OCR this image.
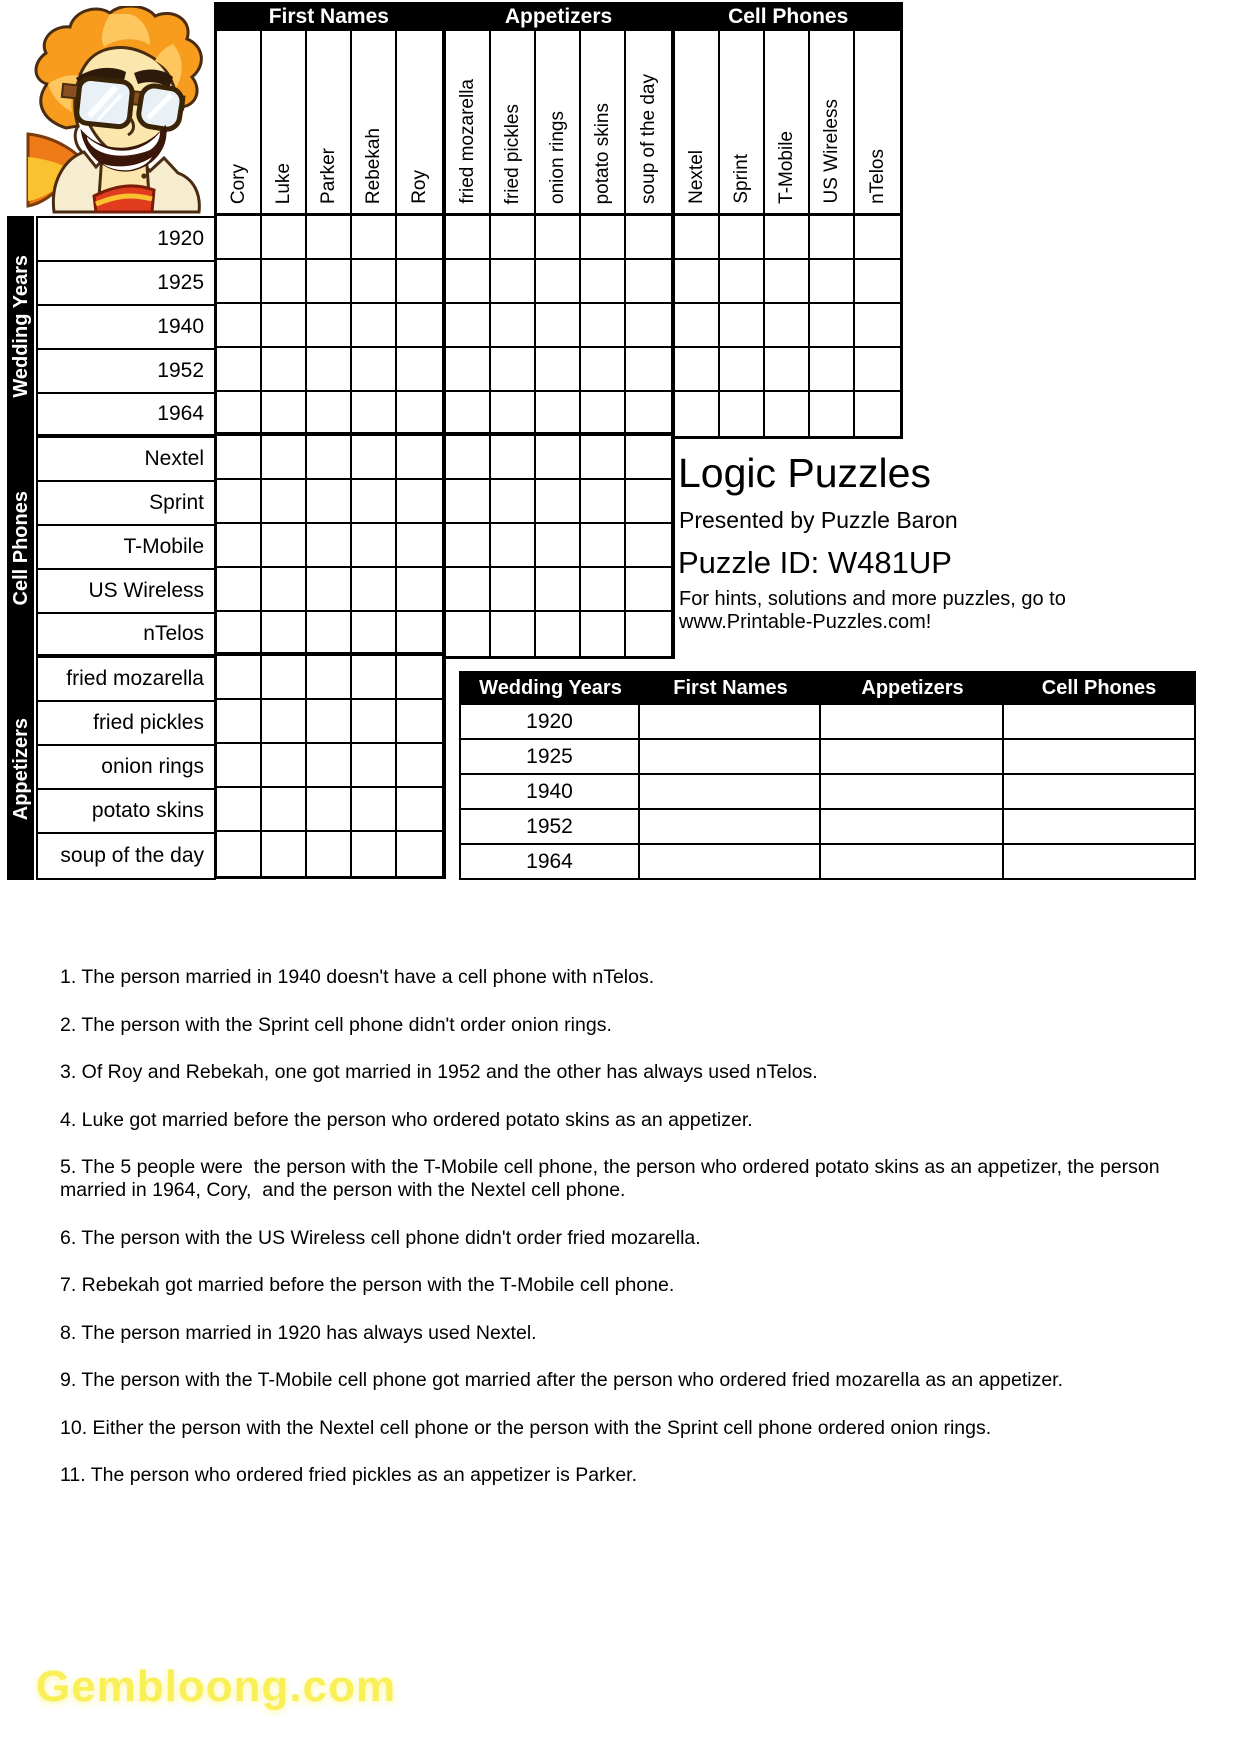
First Names	Appetizers	Cell Phones
Cory Luke Parker Rebekah Roy fried mozarella fried pickles onion rings potato skins soup of the day Nextel Sprint T-Mobile US Wireless nTelos
Wedding Years
Cell Phones
Appetizers
1920
1925
1940
1952
1964
Nextel
Sprint
T-Mobile
US Wireless
nTelos
fried mozarella
fried pickles
onion rings
potato skins
soup of the day
Logic Puzzles
Presented by Puzzle Baron
Puzzle ID: W481UP
For hints, solutions and more puzzles, go to
www.Printable-Puzzles.com!
Wedding Years	First Names	Appetizers	Cell Phones
1920
1925
1940
1952
1964

1. The person married in 1940 doesn't have a cell phone with nTelos.

2. The person with the Sprint cell phone didn't order onion rings.

3. Of Roy and Rebekah, one got married in 1952 and the other has always used nTelos.

4. Luke got married before the person who ordered potato skins as an appetizer.

5. The 5 people were  the person with the T-Mobile cell phone, the person who ordered potato skins as an appetizer, the person married in 1964, Cory,  and the person with the Nextel cell phone.

6. The person with the US Wireless cell phone didn't order fried mozarella.

7. Rebekah got married before the person with the T-Mobile cell phone.

8. The person married in 1920 has always used Nextel.

9. The person with the T-Mobile cell phone got married after the person who ordered fried mozarella as an appetizer.

10. Either the person with the Nextel cell phone or the person with the Sprint cell phone ordered onion rings.

11. The person who ordered fried pickles as an appetizer is Parker.

Gembloong.com
